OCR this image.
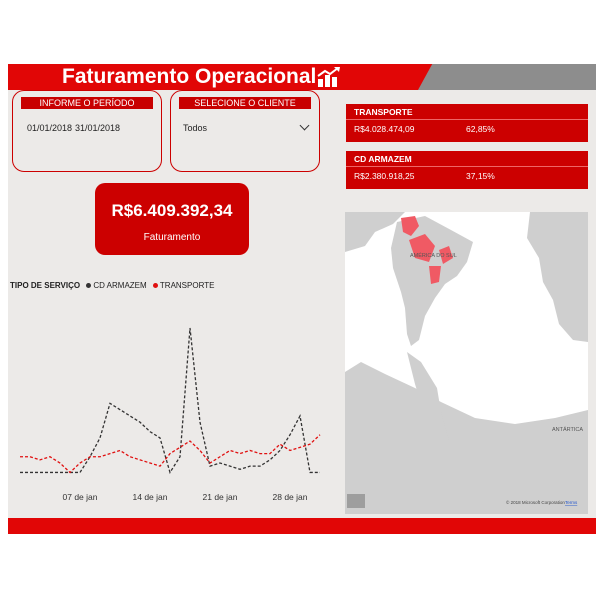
Faturamento Operacional
INFORME O PERÍODO
01/01/2018 31/01/2018
SELECIONE O CLIENTE
Todos
R$6.409.392,34
Faturamento
TRANSPORTE
R$4.028.474,09	62,85%
CD ARMAZEM
R$2.380.918,25	37,15%
TIPO DE SERVIÇO CD ARMAZEM TRANSPORTE
07 de jan	14 de jan	21 de jan	28 de jan
AMÉRICA DO SUL
ANTÁRTICA
© 2018 Microsoft Corporation Terms
